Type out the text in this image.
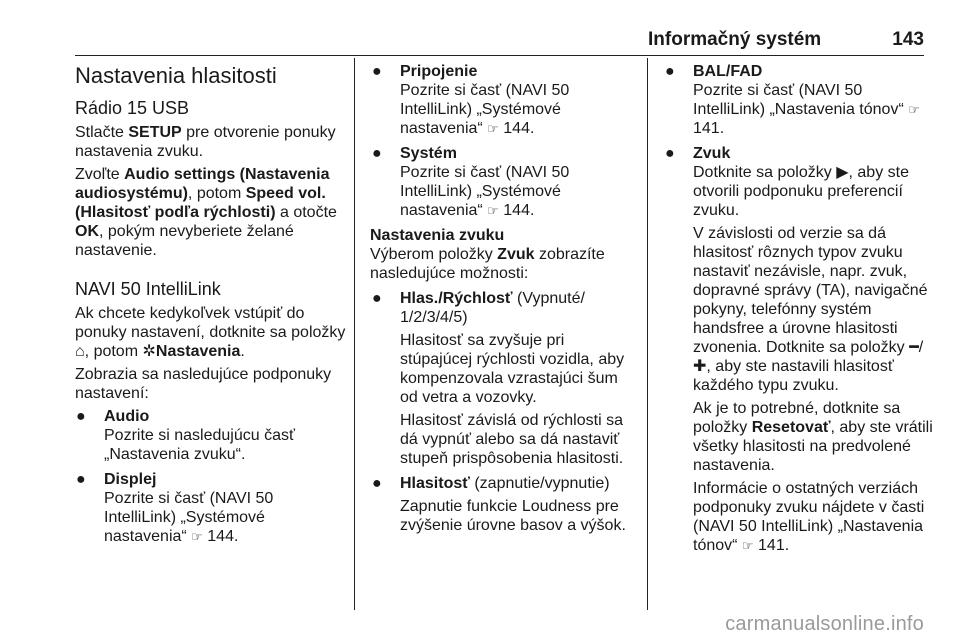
Informačný systém	143
Nastavenia hlasitosti
Rádio 15 USB

Stlačte SETUP pre otvorenie ponuky nastavenia zvuku.

Zvoľte Audio settings (Nastavenia audiosystému), potom Speed vol. (Hlasitosť podľa rýchlosti) a otočte OK, pokým nevyberiete želané nastavenie.

NAVI 50 IntelliLink

Ak chcete kedykoľvek vstúpiť do ponuky nastavení, dotknite sa položky ⌂, potom ✲Nastavenia.

Zobrazia sa nasledujúce podponuky nastavení:

● Audio

Pozrite si nasledujúcu časť „Nastavenia zvuku“.

● Displej

Pozrite si časť (NAVI 50 IntelliLink) „Systémové nastavenia“ ☞ 144.

● Pripojenie

Pozrite si časť (NAVI 50 IntelliLink) „Systémové nastavenia“ ☞ 144.

● Systém

Pozrite si časť (NAVI 50 IntelliLink) „Systémové nastavenia“ ☞ 144.

Nastavenia zvuku

Výberom položky Zvuk zobrazíte nasledujúce možnosti:

● Hlas./Rýchlosť (Vypnuté/ 1/2/3/4/5)

Hlasitosť sa zvyšuje pri stúpajúcej rýchlosti vozidla, aby kompenzovala vzrastajúci šum od vetra a vozovky.

Hlasitosť závislá od rýchlosti sa dá vypnúť alebo sa dá nastaviť stupeň prispôsobenia hlasitosti.

● Hlasitosť (zapnutie/vypnutie)

Zapnutie funkcie Loudness pre zvýšenie úrovne basov a výšok.

● BAL/FAD

Pozrite si časť (NAVI 50 IntelliLink) „Nastavenia tónov“ ☞ 141.

● Zvuk

Dotknite sa položky ▶, aby ste otvorili podponuku preferencií zvuku.

V závislosti od verzie sa dá hlasitosť rôznych typov zvuku nastaviť nezávisle, napr. zvuk, dopravné správy (TA), navigačné pokyny, telefónny systém handsfree a úrovne hlasitosti zvonenia. Dotknite sa položky ━/✚, aby ste nastavili hlasitosť každého typu zvuku.

Ak je to potrebné, dotknite sa položky Resetovať, aby ste vrátili všetky hlasitosti na predvolené nastavenia.

Informácie o ostatných verziách podponuky zvuku nájdete v časti (NAVI 50 IntelliLink) „Nastavenia tónov“ ☞ 141.

carmanualsonline.info
